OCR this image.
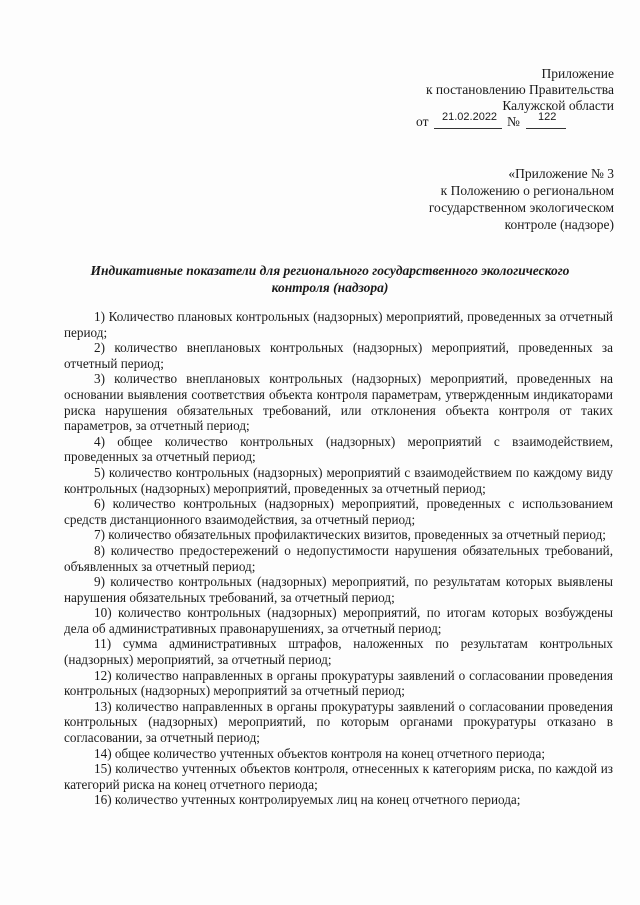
Приложение
к постановлению Правительства
Калужской области
от 21.02.2022 № 122
«Приложение № 3
к Положению о региональном
государственном экологическом
контроле (надзоре)
Индикативные показатели для регионального государственного экологического
контроля (надзора)

1) Количество плановых контрольных (надзорных) мероприятий, проведенных за отчетный период;

2) количество внеплановых контрольных (надзорных) мероприятий, проведенных за отчетный период;

3) количество внеплановых контрольных (надзорных) мероприятий, проведенных на основании выявления соответствия объекта контроля параметрам, утвержденным индикаторами риска нарушения обязательных требований, или отклонения объекта контроля от таких параметров, за отчетный период;

4) общее количество контрольных (надзорных) мероприятий с взаимодействием, проведенных за отчетный период;

5) количество контрольных (надзорных) мероприятий с взаимодействием по каждому виду контрольных (надзорных) мероприятий, проведенных за отчетный период;

6) количество контрольных (надзорных) мероприятий, проведенных с использованием средств дистанционного взаимодействия, за отчетный период;

7) количество обязательных профилактических визитов, проведенных за отчетный период;

8) количество предостережений о недопустимости нарушения обязательных требований, объявленных за отчетный период;

9) количество контрольных (надзорных) мероприятий, по результатам которых выявлены нарушения обязательных требований, за отчетный период;

10) количество контрольных (надзорных) мероприятий, по итогам которых возбуждены дела об административных правонарушениях, за отчетный период;

11) сумма административных штрафов, наложенных по результатам контрольных (надзорных) мероприятий, за отчетный период;

12) количество направленных в органы прокуратуры заявлений о согласовании проведения контрольных (надзорных) мероприятий за отчетный период;

13) количество направленных в органы прокуратуры заявлений о согласовании проведения контрольных (надзорных) мероприятий, по которым органами прокуратуры отказано в согласовании, за отчетный период;

14) общее количество учтенных объектов контроля на конец отчетного периода;

15) количество учтенных объектов контроля, отнесенных к категориям риска, по каждой из категорий риска на конец отчетного периода;

16) количество учтенных контролируемых лиц на конец отчетного периода;
